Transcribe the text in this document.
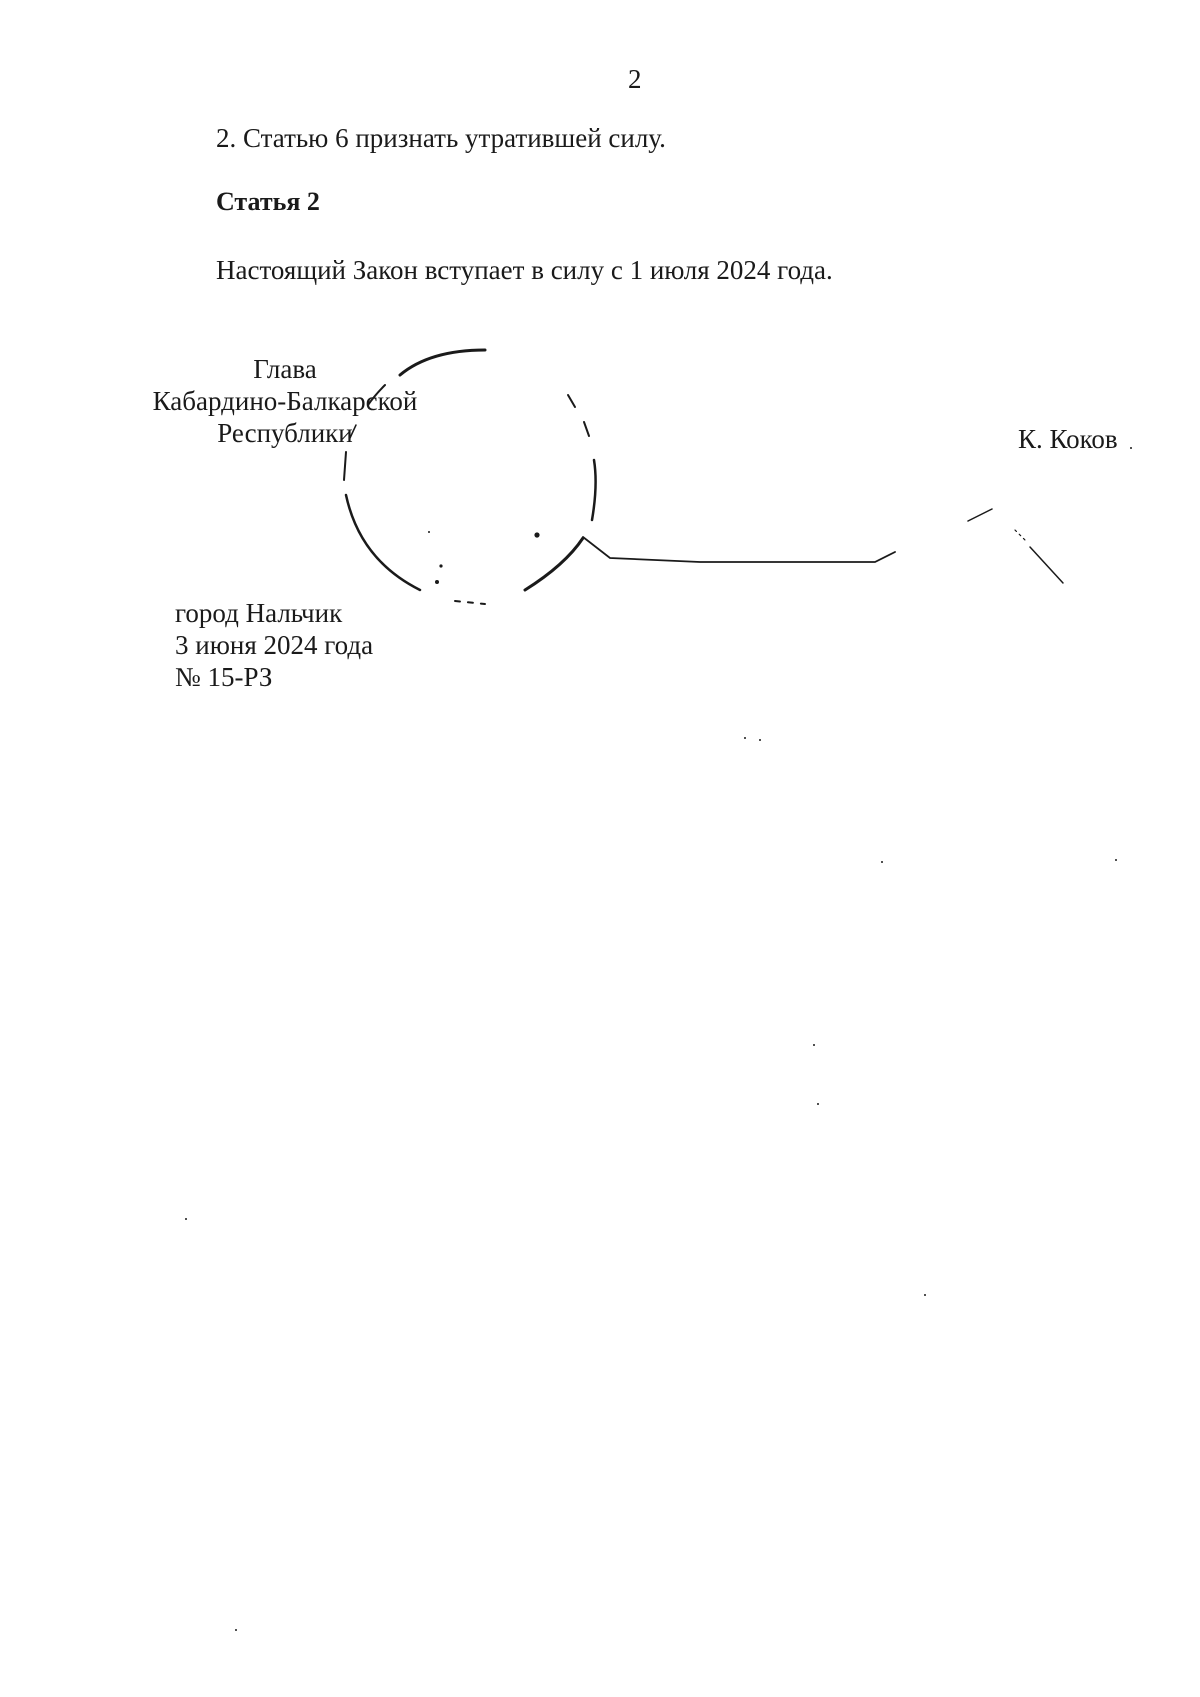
2
2. Статью 6 признать утратившей силу.
Статья 2
Настоящий Закон вступает в силу с 1 июля 2024 года.
Глава
Кабардино-Балкарской
Республики	К. Коков
город Нальчик
3 июня 2024 года
№ 15-РЗ
